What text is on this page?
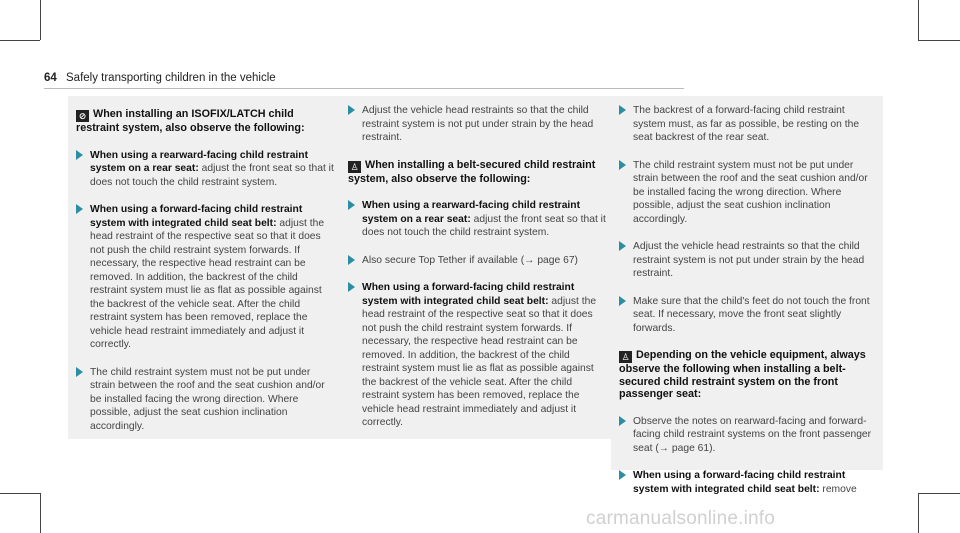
64 Safely transporting children in the vehicle
⊘ When installing an ISOFIX/LATCH child restraint system, also observe the following:
When using a rearward-facing child restraint system on a rear seat: adjust the front seat so that it does not touch the child restraint system.
When using a forward-facing child restraint system with integrated child seat belt: adjust the head restraint of the respective seat so that it does not push the child restraint system forwards. If necessary, the respective head restraint can be removed. In addition, the backrest of the child restraint system must lie as flat as possible against the backrest of the vehicle seat. After the child restraint system has been removed, replace the vehicle head restraint immediately and adjust it correctly.
The child restraint system must not be put under strain between the roof and the seat cushion and/or be installed facing the wrong direction. Where possible, adjust the seat cushion inclination accordingly.
Adjust the vehicle head restraints so that the child restraint system is not put under strain by the head restraint.
♙ When installing a belt-secured child restraint system, also observe the following:
When using a rearward-facing child restraint system on a rear seat: adjust the front seat so that it does not touch the child restraint system.
Also secure Top Tether if available (→ page 67)
When using a forward-facing child restraint system with integrated child seat belt: adjust the head restraint of the respective seat so that it does not push the child restraint system forwards. If necessary, the respective head restraint can be removed. In addition, the backrest of the child restraint system must lie as flat as possible against the backrest of the vehicle seat. After the child restraint system has been removed, replace the vehicle head restraint immediately and adjust it correctly.
The backrest of a forward-facing child restraint system must, as far as possible, be resting on the seat backrest of the rear seat.
The child restraint system must not be put under strain between the roof and the seat cushion and/or be installed facing the wrong direction. Where possible, adjust the seat cushion inclination accordingly.
Adjust the vehicle head restraints so that the child restraint system is not put under strain by the head restraint.
Make sure that the child's feet do not touch the front seat. If necessary, move the front seat slightly forwards.
♙ Depending on the vehicle equipment, always observe the following when installing a belt-secured child restraint system on the front passenger seat:
Observe the notes on rearward-facing and forward-facing child restraint systems on the front passenger seat (→ page 61).
When using a forward-facing child restraint system with integrated child seat belt: remove
carmanualsonline.info
